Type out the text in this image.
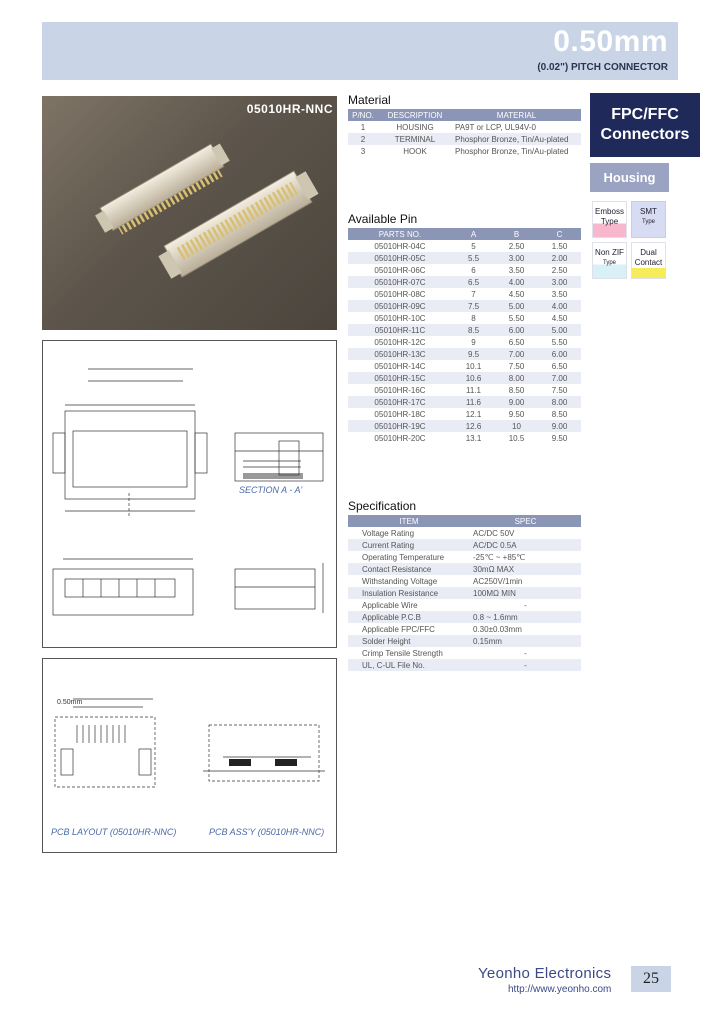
0.50mm
(0.02") PITCH CONNECTOR
05010HR-NNC
SECTION A - A'
PCB LAYOUT (05010HR-NNC)	PCB ASS'Y (05010HR-NNC)
0.50mm
Material
P/NO.	DESCRIPTION	MATERIAL
1	HOUSING	PA9T or LCP, UL94V-0
2	TERMINAL	Phosphor Bronze, Tin/Au-plated
3	HOOK	Phosphor Bronze, Tin/Au-plated
Available Pin
PARTS NO.	A	B	C
05010HR-04C	5	2.50	1.50
05010HR-05C	5.5	3.00	2.00
05010HR-06C	6	3.50	2.50
05010HR-07C	6.5	4.00	3.00
05010HR-08C	7	4.50	3.50
05010HR-09C	7.5	5.00	4.00
05010HR-10C	8	5.50	4.50
05010HR-11C	8.5	6.00	5.00
05010HR-12C	9	6.50	5.50
05010HR-13C	9.5	7.00	6.00
05010HR-14C	10.1	7.50	6.50
05010HR-15C	10.6	8.00	7.00
05010HR-16C	11.1	8.50	7.50
05010HR-17C	11.6	9.00	8.00
05010HR-18C	12.1	9.50	8.50
05010HR-19C	12.6	10	9.00
05010HR-20C	13.1	10.5	9.50
Specification
ITEM	SPEC
Voltage Rating	AC/DC 50V
Current Rating	AC/DC 0.5A
Operating Temperature	-25℃ ~ +85℃
Contact Resistance	30mΩ MAX
Withstanding Voltage	AC250V/1min
Insulation Resistance	100MΩ MIN
Applicable Wire	-
Applicable P.C.B	0.8 ~ 1.6mm
Applicable FPC/FFC	0.30±0.03mm
Solder Height	0.15mm
Crimp Tensile Strength	-
UL, C-UL File No.	-
FPC/FFC
Connectors
Housing
Emboss
Type
SMT
Type
Non ZIF
Type
Dual
Contact
Yeonho Electronics
http://www.yeonho.com
25
